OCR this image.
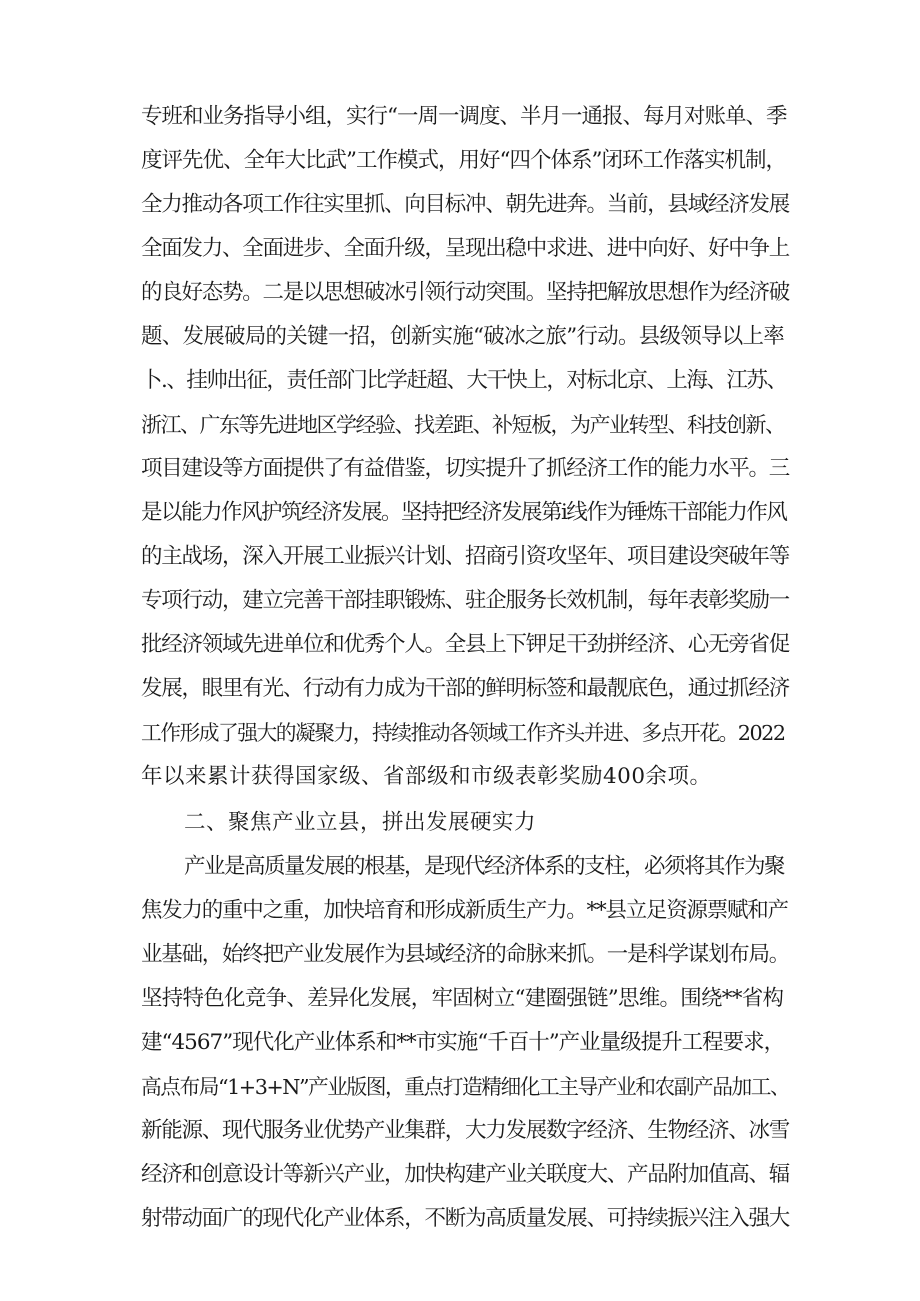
专班和业务指导小组，实行“一周一调度、半月一通报、每月对账单、季

度评先优、全年大比武”工作模式，用好“四个体系”闭环工作落实机制，

全力推动各项工作往实里抓、向目标冲、朝先进奔。当前，县域经济发展

全面发力、全面进步、全面升级，呈现出稳中求进、进中向好、好中争上

的良好态势。二是以思想破冰引领行动突围。坚持把解放思想作为经济破

题、发展破局的关键一招，创新实施“破冰之旅”行动。县级领导以上率

卜.、挂帅出征，责任部门比学赶超、大干快上，对标北京、上海、江苏、

浙江、广东等先进地区学经验、找差距、补短板，为产业转型、科技创新、

项目建设等方面提供了有益借鉴，切实提升了抓经济工作的能力水平。三

是以能力作风护筑经济发展。坚持把经济发展第i线作为锤炼干部能力作风

的主战场，深入开展工业振兴计划、招商引资攻坚年、项目建设突破年等

专项行动，建立完善干部挂职锻炼、驻企服务长效机制，每年表彰奖励一

批经济领域先进单位和优秀个人。全县上下钾足干劲拼经济、心无旁省促

发展，眼里有光、行动有力成为干部的鲜明标签和最靓底色，通过抓经济

工作形成了强大的凝聚力，持续推动各领域工作齐头并进、多点开花。2022

年以来累计获得国家级、省部级和市级表彰奖励400余项。

二、聚焦产业立县，拼出发展硬实力

产业是高质量发展的根基，是现代经济体系的支柱，必须将其作为聚

焦发力的重中之重，加快培育和形成新质生产力。**县立足资源票赋和产

业基础，始终把产业发展作为县域经济的命脉来抓。一是科学谋划布局。

坚持特色化竞争、差异化发展，牢固树立“建圈强链”思维。围绕**省构

建“4567”现代化产业体系和**市实施“千百十”产业量级提升工程要求，

高点布局“1+3+N”产业版图，重点打造精细化工主导产业和农副产品加工、

新能源、现代服务业优势产业集群，大力发展数字经济、生物经济、冰雪

经济和创意设计等新兴产业，加快构建产业关联度大、产品附加值高、辐

射带动面广的现代化产业体系，不断为高质量发展、可持续振兴注入强大
